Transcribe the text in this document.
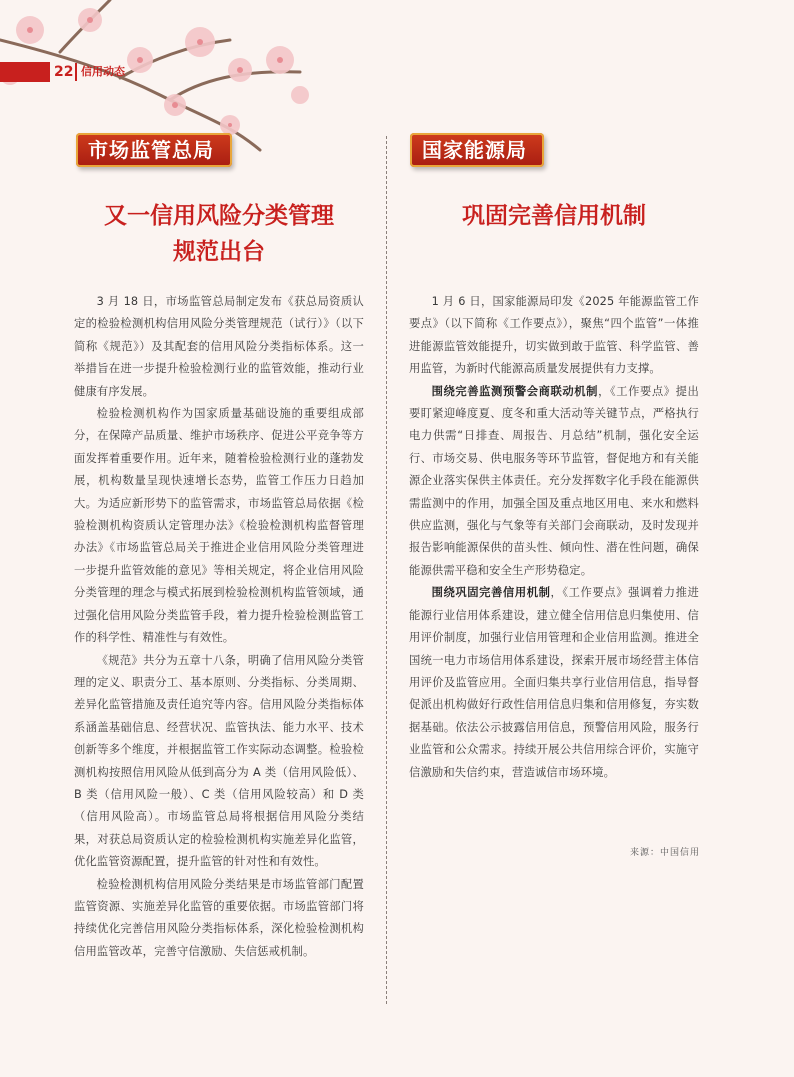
22 信用动态
市场监管总局
又一信用风险分类管理
规范出台

3 月 18 日，市场监管总局制定发布《获总局资质认定的检验检测机构信用风险分类管理规范（试行）》（以下简称《规范》）及其配套的信用风险分类指标体系。这一举措旨在进一步提升检验检测行业的监管效能，推动行业健康有序发展。

检验检测机构作为国家质量基础设施的重要组成部分，在保障产品质量、维护市场秩序、促进公平竞争等方面发挥着重要作用。近年来，随着检验检测行业的蓬勃发展，机构数量呈现快速增长态势，监管工作压力日趋加大。为适应新形势下的监管需求，市场监管总局依据《检验检测机构资质认定管理办法》《检验检测机构监督管理办法》《市场监管总局关于推进企业信用风险分类管理进一步提升监管效能的意见》等相关规定，将企业信用风险分类管理的理念与模式拓展到检验检测机构监管领域，通过强化信用风险分类监管手段，着力提升检验检测监管工作的科学性、精准性与有效性。

《规范》共分为五章十八条，明确了信用风险分类管理的定义、职责分工、基本原则、分类指标、分类周期、差异化监管措施及责任追究等内容。信用风险分类指标体系涵盖基础信息、经营状况、监管执法、能力水平、技术创新等多个维度，并根据监管工作实际动态调整。检验检测机构按照信用风险从低到高分为 A 类（信用风险低）、B 类（信用风险一般）、C 类（信用风险较高）和 D 类（信用风险高）。市场监管总局将根据信用风险分类结果，对获总局资质认定的检验检测机构实施差异化监管，优化监管资源配置，提升监管的针对性和有效性。

检验检测机构信用风险分类结果是市场监管部门配置监管资源、实施差异化监管的重要依据。市场监管部门将持续优化完善信用风险分类指标体系，深化检验检测机构信用监管改革，完善守信激励、失信惩戒机制。

国家能源局
巩固完善信用机制

1 月 6 日，国家能源局印发《2025 年能源监管工作要点》（以下简称《工作要点》），聚焦“四个监管”一体推进能源监管效能提升，切实做到敢于监管、科学监管、善用监管，为新时代能源高质量发展提供有力支撑。

围绕完善监测预警会商联动机制，《工作要点》提出要盯紧迎峰度夏、度冬和重大活动等关键节点，严格执行电力供需“日排查、周报告、月总结”机制，强化安全运行、市场交易、供电服务等环节监管，督促地方和有关能源企业落实保供主体责任。充分发挥数字化手段在能源供需监测中的作用，加强全国及重点地区用电、来水和燃料供应监测，强化与气象等有关部门会商联动，及时发现并报告影响能源保供的苗头性、倾向性、潜在性问题，确保能源供需平稳和安全生产形势稳定。

围绕巩固完善信用机制，《工作要点》强调着力推进能源行业信用体系建设，建立健全信用信息归集使用、信用评价制度，加强行业信用管理和企业信用监测。推进全国统一电力市场信用体系建设，探索开展市场经营主体信用评价及监管应用。全面归集共享行业信用信息，指导督促派出机构做好行政性信用信息归集和信用修复，夯实数据基础。依法公示披露信用信息，预警信用风险，服务行业监管和公众需求。持续开展公共信用综合评价，实施守信激励和失信约束，营造诚信市场环境。

来源：中国信用
